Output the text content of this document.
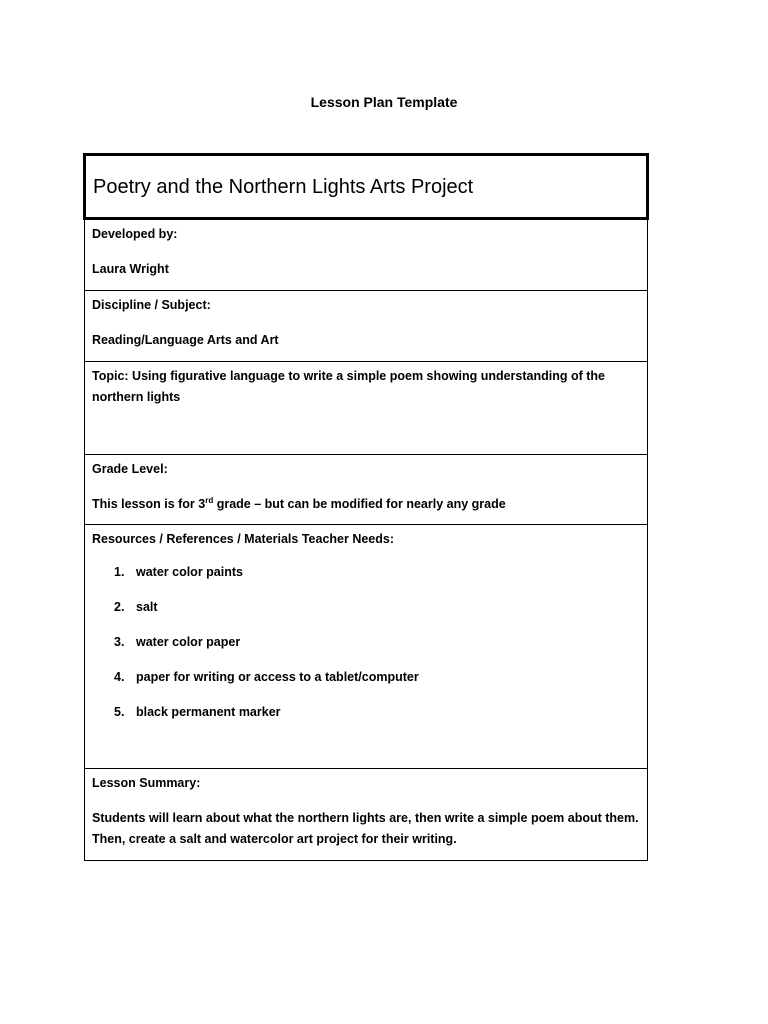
Lesson Plan Template
Poetry and the Northern Lights Arts Project

Developed by:
Laura Wright

Discipline / Subject:
Reading/Language Arts and Art

Topic: Using figurative language to write a simple poem showing understanding of the northern lights

Grade Level:
This lesson is for 3rd grade – but can be modified for nearly any grade

Resources / References / Materials Teacher Needs:
1. water color paints
2. salt
3. water color paper
4. paper for writing or access to a tablet/computer
5. black permanent marker

Lesson Summary:
Students will learn about what the northern lights are, then write a simple poem about them. Then, create a salt and watercolor art project for their writing.
